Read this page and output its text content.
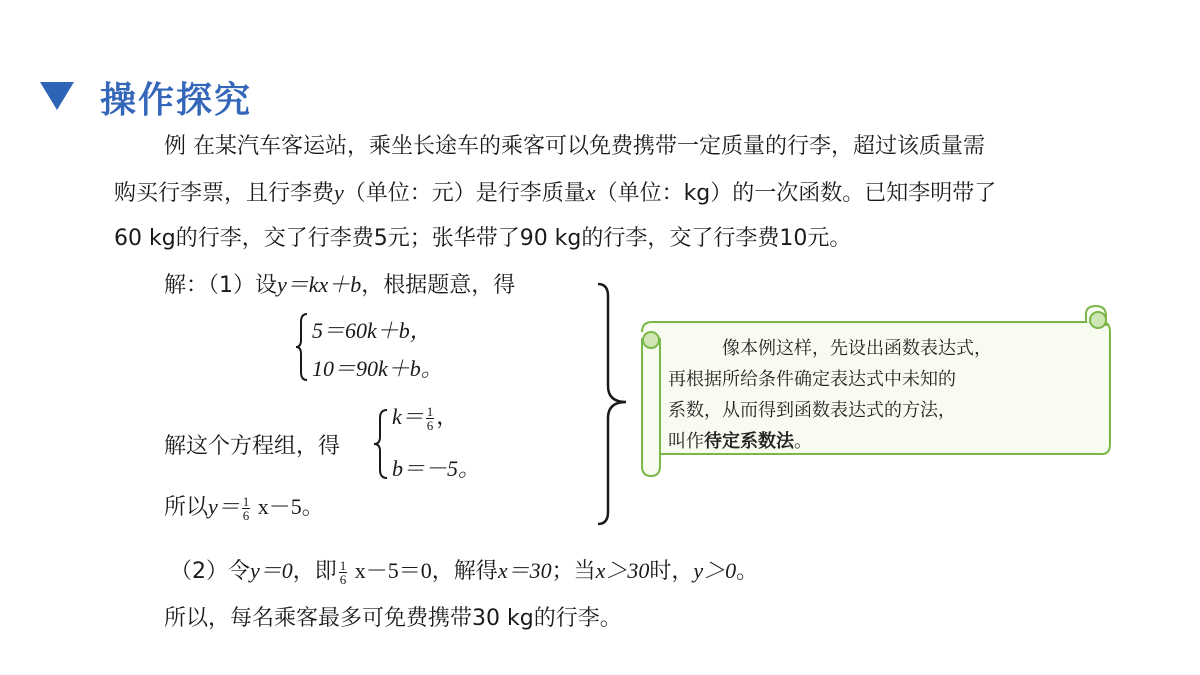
操作探究
例 在某汽车客运站，乘坐长途车的乘客可以免费携带一定质量的行李，超过该质量需
购买行李票，且行李费y（单位：元）是行李质量x（单位：kg）的一次函数。已知李明带了
60 kg的行李，交了行李费5元；张华带了90 kg的行李，交了行李费10元。
解：（1）设y＝kx＋b，根据题意，得
5＝60k＋b，
10＝90k＋b。
解这个方程组，得
$k= \frac{1}{6}$ ，
b＝－5。
所以$y= \frac{1}{6} x-5$。
像本例这样，先设出函数表达式，
再根据所给条件确定表达式中未知的
系数，从而得到函数表达式的方法，
叫作待定系数法。
（2）令y＝0，即 $\frac{1}{6} x-5=0$，解得x＝30；当x＞30时，y＞0。
所以，每名乘客最多可免费携带30 kg的行李。
